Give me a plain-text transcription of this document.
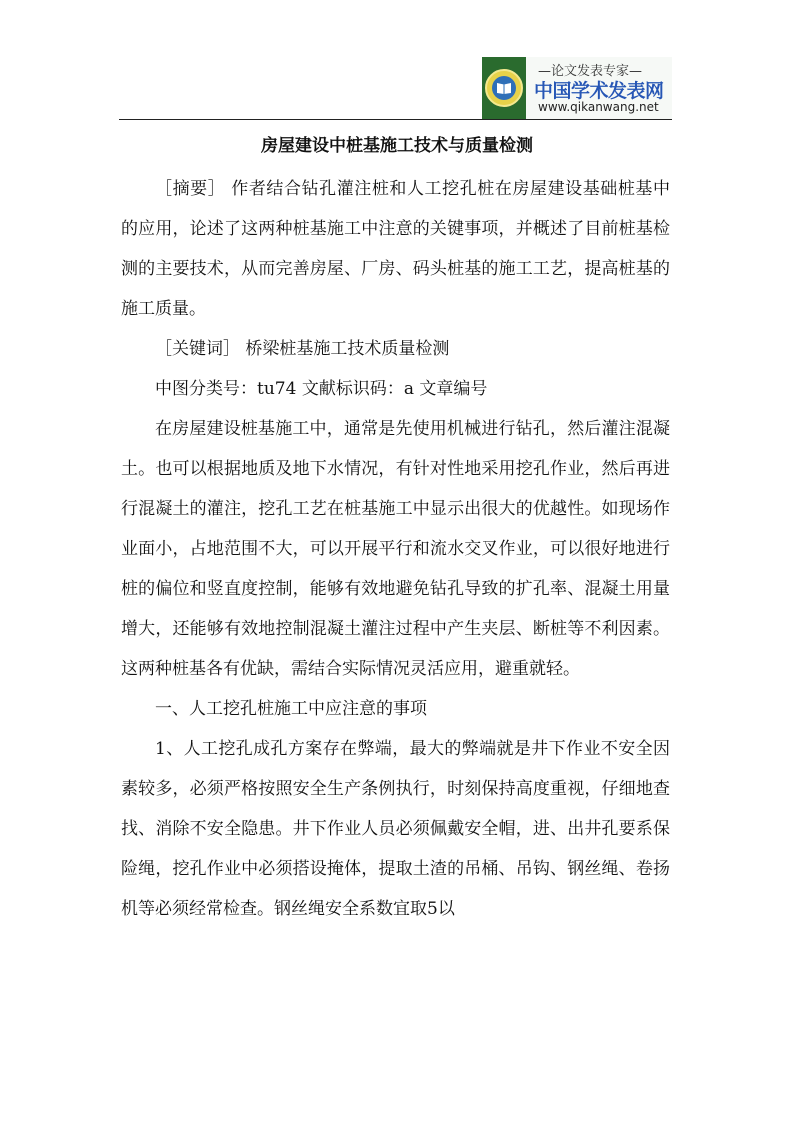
—论文发表专家—
中国学术发表网
www.qikanwang.net
房屋建设中桩基施工技术与质量检测

［摘要］ 作者结合钻孔灌注桩和人工挖孔桩在房屋建设基础桩基中的应用，论述了这两种桩基施工中注意的关键事项，并概述了目前桩基检测的主要技术，从而完善房屋、厂房、码头桩基的施工工艺，提高桩基的施工质量。

［关键词］ 桥梁桩基施工技术质量检测

中图分类号：tu74 文献标识码：a 文章编号

在房屋建设桩基施工中，通常是先使用机械进行钻孔，然后灌注混凝土。也可以根据地质及地下水情况，有针对性地采用挖孔作业，然后再进行混凝土的灌注，挖孔工艺在桩基施工中显示出很大的优越性。如现场作业面小，占地范围不大，可以开展平行和流水交叉作业，可以很好地进行桩的偏位和竖直度控制，能够有效地避免钻孔导致的扩孔率、混凝土用量增大，还能够有效地控制混凝土灌注过程中产生夹层、断桩等不利因素。这两种桩基各有优缺，需结合实际情况灵活应用，避重就轻。

一、人工挖孔桩施工中应注意的事项

1、人工挖孔成孔方案存在弊端，最大的弊端就是井下作业不安全因素较多，必须严格按照安全生产条例执行，时刻保持高度重视，仔细地查找、消除不安全隐患。井下作业人员必须佩戴安全帽，进、出井孔要系保险绳，挖孔作业中必须搭设掩体，提取土渣的吊桶、吊钩、钢丝绳、卷扬机等必须经常检查。钢丝绳安全系数宜取5以
